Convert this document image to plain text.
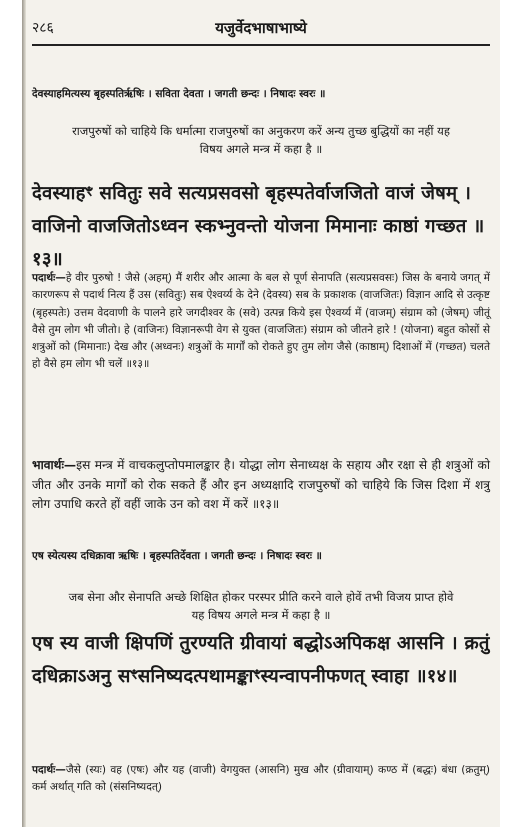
२८६	यजुर्वेदभाषाभाष्ये
देवस्याहमित्यस्य बृहस्पतिर्ऋषिः । सविता देवता । जगती छन्दः । निषादः स्वरः ॥
राजपुरुषों को चाहिये कि धर्मात्मा राजपुरुषों का अनुकरण करें अन्य तुच्छ बुद्धियों का नहीं यह विषय अगले मन्त्र में कहा है ॥
देवस्याहꣳ सवितुः सवे सत्यप्रसवसो बृहस्पतेर्वाजजितो वाजं जेषम् । वाजिनो वाजजितोऽध्वन स्कभ्नुवन्तो योजना मिमानाः काष्ठां गच्छत ॥१३॥
पदार्थः—हे वीर पुरुषो ! जैसे (अहम्) मैं शरीर और आत्मा के बल से पूर्ण सेनापति (सत्यप्रसवसः) जिस के बनाये जगत् में कारणरूप से पदार्थ नित्य हैं उस (सवितुः) सब ऐश्वर्य्य के देने (देवस्य) सब के प्रकाशक (वाजजितः) विज्ञान आदि से उत्कृष्ट (बृहस्पतेः) उत्तम वेदवाणी के पालने हारे जगदीश्वर के (सवे) उत्पन्न किये इस ऐश्वर्य्य में (वाजम्) संग्राम को (जेषम्) जीतूं वैसे तुम लोग भी जीतो। हे (वाजिनः) विज्ञानरूपी वेग से युक्त (वाजजितः) संग्राम को जीतने हारे ! (योजना) बहुत कोसों से शत्रुओं को (मिमानाः) देख और (अध्वनः) शत्रुओं के मार्गों को रोकते हुए तुम लोग जैसे (काष्ठाम्) दिशाओं में (गच्छत) चलते हो वैसे हम लोग भी चलें ॥१३॥
भावार्थः—इस मन्त्र में वाचकलुप्तोपमालङ्कार है। योद्धा लोग सेनाध्यक्ष के सहाय और रक्षा से ही शत्रुओं को जीत और उनके मार्गों को रोक सकते हैं और इन अध्यक्षादि राजपुरुषों को चाहिये कि जिस दिशा में शत्रु लोग उपाधि करते हों वहीं जाके उन को वश में करें ॥१३॥
एष स्येत्यस्य दधिक्रावा ऋषिः । बृहस्पतिर्देवता । जगती छन्दः । निषादः स्वरः ॥
जब सेना और सेनापति अच्छे शिक्षित होकर परस्पर प्रीति करने वाले होवें तभी विजय प्राप्त होवे यह विषय अगले मन्त्र में कहा है ॥
एष स्य वाजी क्षिपणिं तुरण्यति ग्रीवायां बद्धोऽअपिकक्ष आसनि । क्रतुं दधिक्राऽअनु सꣳसनिष्यदत्पथामङ्काꣳस्यन्वापनीफणत् स्वाहा ॥१४॥
पदार्थः—जैसे (स्यः) वह (एषः) और यह (वाजी) वेगयुक्त (आसनि) मुख और (ग्रीवायाम्) कण्ठ में (बद्धः) बंधा (क्रतुम्) कर्म अर्थात् गति को (संसनिष्यदत्)
